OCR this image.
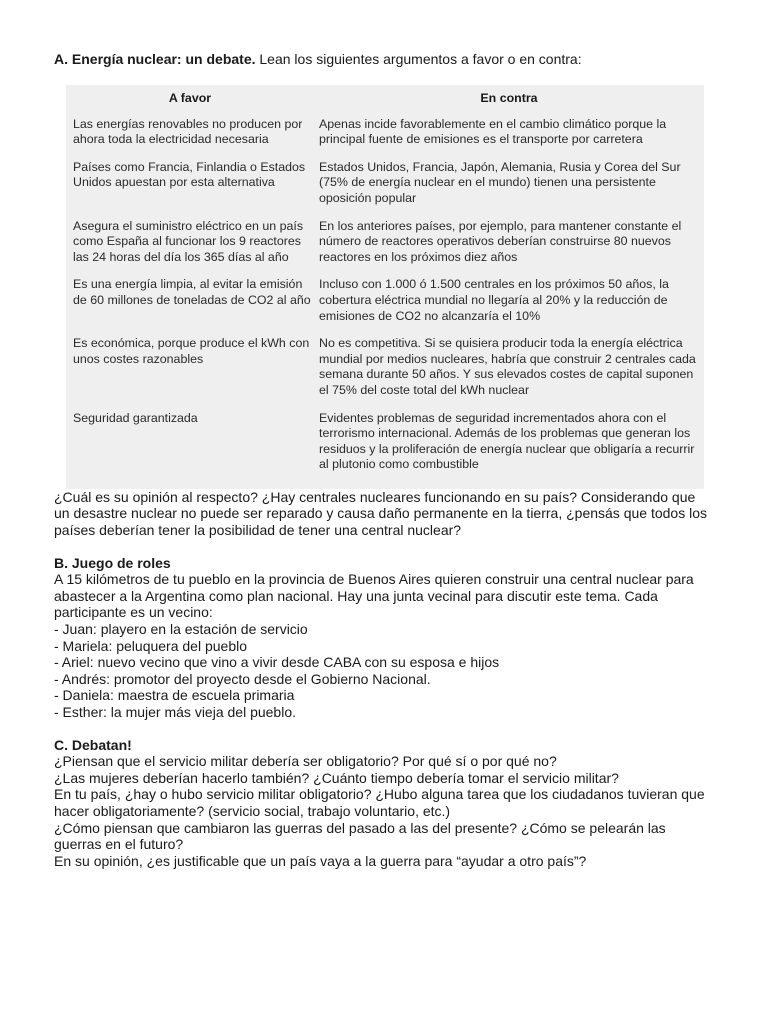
A. Energía nuclear: un debate. Lean los siguientes argumentos a favor o en contra:

A favor	En contra
Las energías renovables no producen por ahora toda la electricidad necesaria	Apenas incide favorablemente en el cambio climático porque la principal fuente de emisiones es el transporte por carretera
Países como Francia, Finlandia o Estados Unidos apuestan por esta alternativa	Estados Unidos, Francia, Japón, Alemania, Rusia y Corea del Sur (75% de energía nuclear en el mundo) tienen una persistente oposición popular
Asegura el suministro eléctrico en un país como España al funcionar los 9 reactores las 24 horas del día los 365 días al año	En los anteriores países, por ejemplo, para mantener constante el número de reactores operativos deberían construirse 80 nuevos reactores en los próximos diez años
Es una energía limpia, al evitar la emisión de 60 millones de toneladas de CO2 al año	Incluso con 1.000 ó 1.500 centrales en los próximos 50 años, la cobertura eléctrica mundial no llegaría al 20% y la reducción de emisiones de CO2 no alcanzaría el 10%
Es económica, porque produce el kWh con unos costes razonables	No es competitiva. Si se quisiera producir toda la energía eléctrica mundial por medios nucleares, habría que construir 2 centrales cada semana durante 50 años. Y sus elevados costes de capital suponen el 75% del coste total del kWh nuclear
Seguridad garantizada	Evidentes problemas de seguridad incrementados ahora con el terrorismo internacional. Además de los problemas que generan los residuos y la proliferación de energía nuclear que obligaría a recurrir al plutonio como combustible

¿Cuál es su opinión al respecto? ¿Hay centrales nucleares funcionando en su país? Considerando que un desastre nuclear no puede ser reparado y causa daño permanente en la tierra, ¿pensás que todos los países deberían tener la posibilidad de tener una central nuclear?

B. Juego de roles

A 15 kilómetros de tu pueblo en la provincia de Buenos Aires quieren construir una central nuclear para abastecer a la Argentina como plan nacional. Hay una junta vecinal para discutir este tema. Cada participante es un vecino:

- Juan: playero en la estación de servicio
- Mariela: peluquera del pueblo
- Ariel: nuevo vecino que vino a vivir desde CABA con su esposa e hijos
- Andrés: promotor del proyecto desde el Gobierno Nacional.
- Daniela: maestra de escuela primaria
- Esther: la mujer más vieja del pueblo.

C. Debatan!

¿Piensan que el servicio militar debería ser obligatorio? Por qué sí o por qué no?

¿Las mujeres deberían hacerlo también? ¿Cuánto tiempo debería tomar el servicio militar?

En tu país, ¿hay o hubo servicio militar obligatorio? ¿Hubo alguna tarea que los ciudadanos tuvieran que hacer obligatoriamente? (servicio social, trabajo voluntario, etc.)

¿Cómo piensan que cambiaron las guerras del pasado a las del presente? ¿Cómo se pelearán las guerras en el futuro?

En su opinión, ¿es justificable que un país vaya a la guerra para “ayudar a otro país”?
